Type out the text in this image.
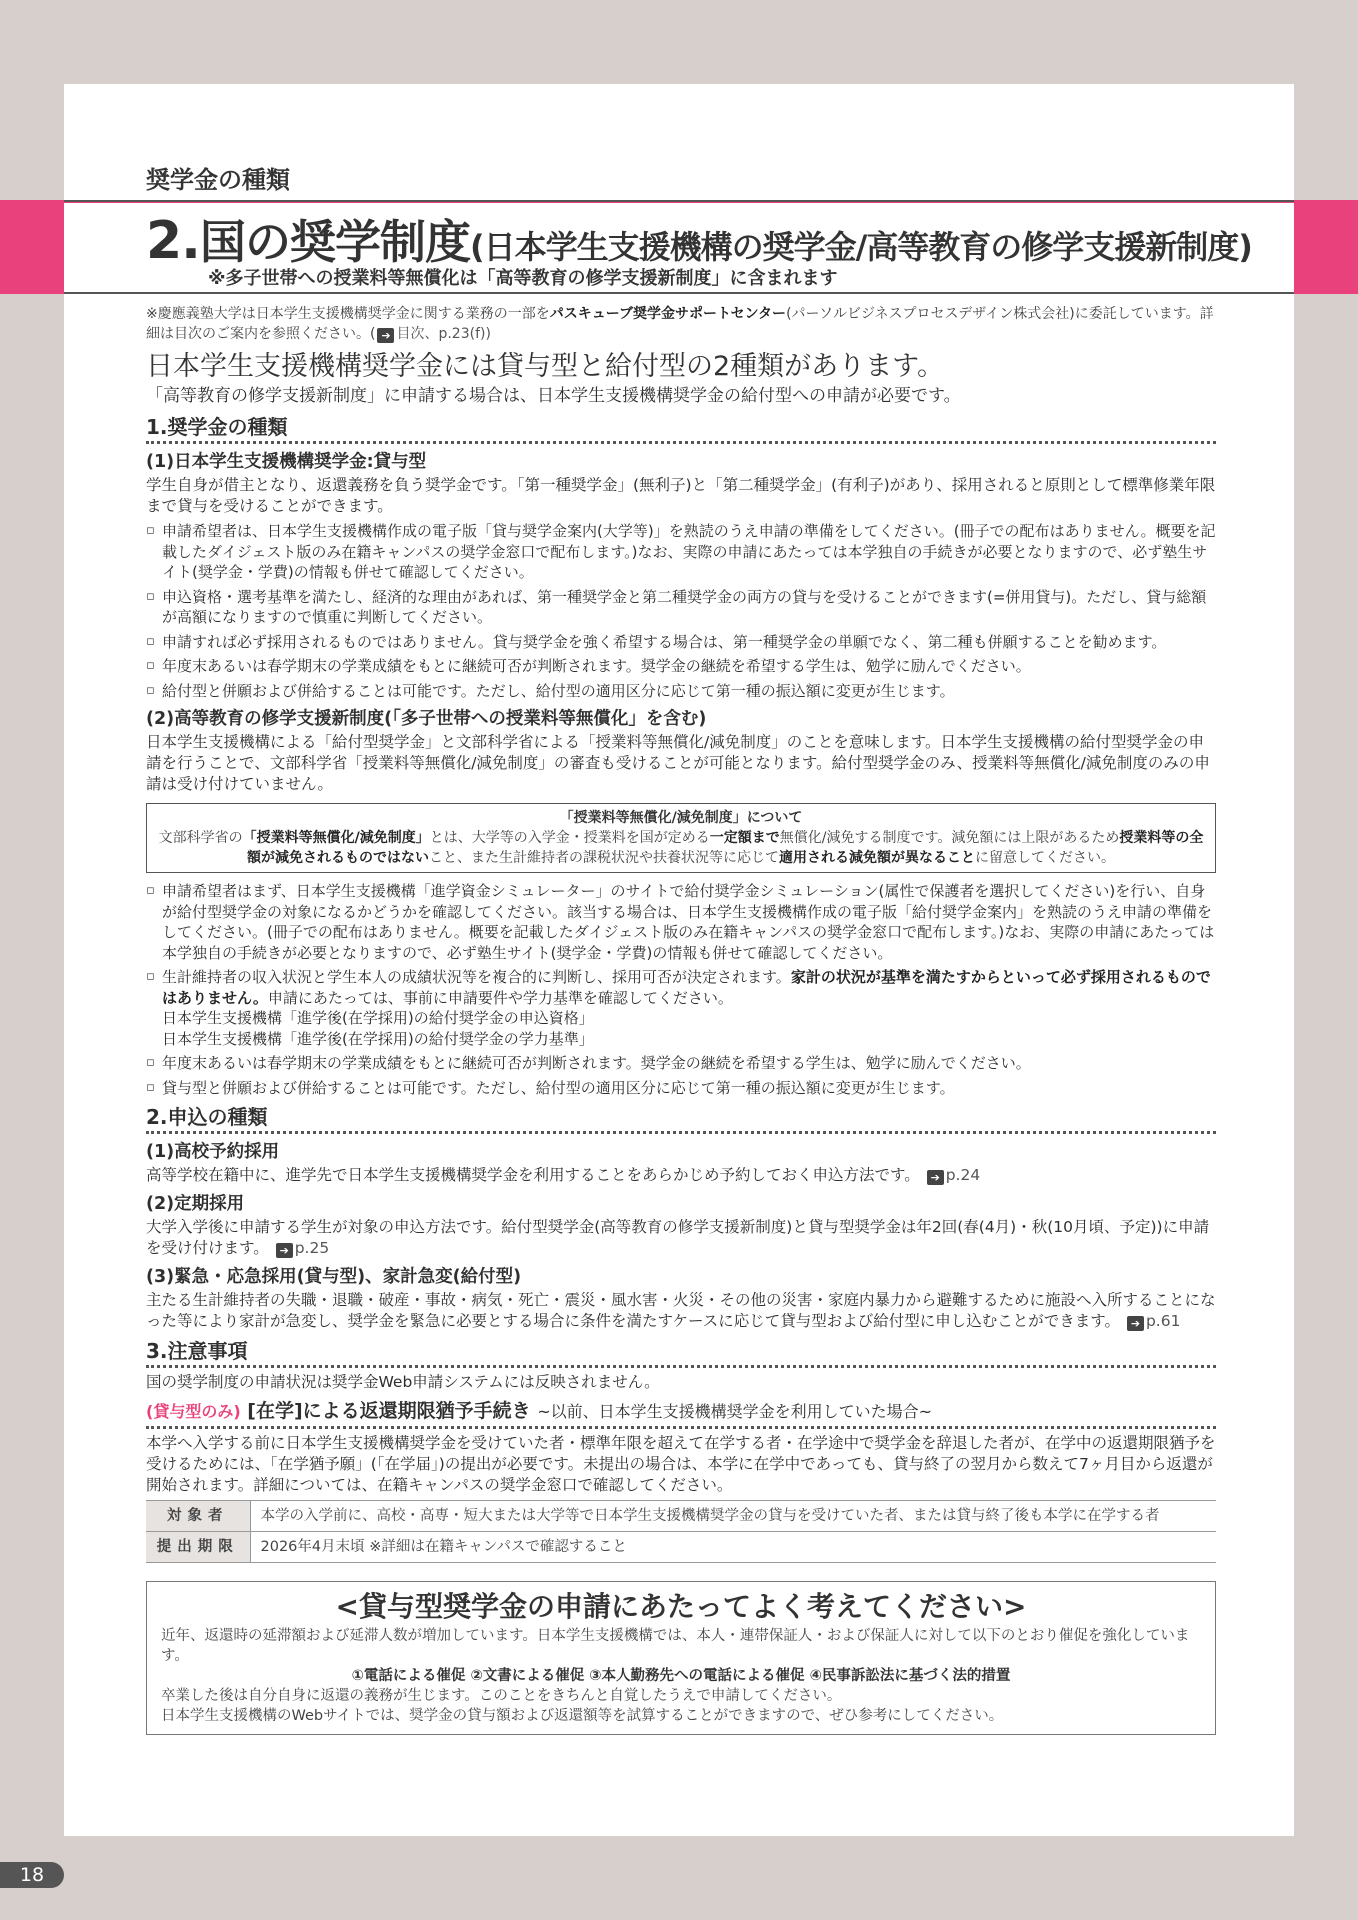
奨学金の種類
2.国の奨学制度(日本学生支援機構の奨学金/高等教育の修学支援新制度)
※多子世帯への授業料等無償化は「高等教育の修学支援新制度」に含まれます
※慶應義塾大学は日本学生支援機構奨学金に関する業務の一部をパスキューブ奨学金サポートセンター(パーソルビジネスプロセスデザイン株式会社)に委託しています。詳細は目次のご案内を参照ください。( ➔ 目次、p.23(f))
日本学生支援機構奨学金には貸与型と給付型の2種類があります。
「高等教育の修学支援新制度」に申請する場合は、日本学生支援機構奨学金の給付型への申請が必要です。
1.奨学金の種類
(1)日本学生支援機構奨学金:貸与型
学生自身が借主となり、返還義務を負う奨学金です。「第一種奨学金」(無利子)と「第二種奨学金」(有利子)があり、採用されると原則として標準修業年限まで貸与を受けることができます。
▫ 申請希望者は、日本学生支援機構作成の電子版「貸与奨学金案内(大学等)」を熟読のうえ申請の準備をしてください。(冊子での配布はありません。概要を記載したダイジェスト版のみ在籍キャンパスの奨学金窓口で配布します。)なお、実際の申請にあたっては本学独自の手続きが必要となりますので、必ず塾生サイト(奨学金・学費)の情報も併せて確認してください。
▫ 申込資格・選考基準を満たし、経済的な理由があれば、第一種奨学金と第二種奨学金の両方の貸与を受けることができます(=併用貸与)。ただし、貸与総額が高額になりますので慎重に判断してください。
▫ 申請すれば必ず採用されるものではありません。貸与奨学金を強く希望する場合は、第一種奨学金の単願でなく、第二種も併願することを勧めます。
▫ 年度末あるいは春学期末の学業成績をもとに継続可否が判断されます。奨学金の継続を希望する学生は、勉学に励んでください。
▫ 給付型と併願および併給することは可能です。ただし、給付型の適用区分に応じて第一種の振込額に変更が生じます。
(2)高等教育の修学支援新制度(「多子世帯への授業料等無償化」を含む)
日本学生支援機構による「給付型奨学金」と文部科学省による「授業料等無償化/減免制度」のことを意味します。日本学生支援機構の給付型奨学金の申請を行うことで、文部科学省「授業料等無償化/減免制度」の審査も受けることが可能となります。給付型奨学金のみ、授業料等無償化/減免制度のみの申請は受け付けていません。
「授業料等無償化/減免制度」について
文部科学省の「授業料等無償化/減免制度」とは、大学等の入学金・授業料を国が定める一定額まで無償化/減免する制度です。減免額には上限があるため授業料等の全額が減免されるものではないこと、また生計維持者の課税状況や扶養状況等に応じて適用される減免額が異なることに留意してください。
▫ 申請希望者はまず、日本学生支援機構「進学資金シミュレーター」のサイトで給付奨学金シミュレーション(属性で保護者を選択してください)を行い、自身が給付型奨学金の対象になるかどうかを確認してください。該当する場合は、日本学生支援機構作成の電子版「給付奨学金案内」を熟読のうえ申請の準備をしてください。(冊子での配布はありません。概要を記載したダイジェスト版のみ在籍キャンパスの奨学金窓口で配布します。)なお、実際の申請にあたっては本学独自の手続きが必要となりますので、必ず塾生サイト(奨学金・学費)の情報も併せて確認してください。
▫ 生計維持者の収入状況と学生本人の成績状況等を複合的に判断し、採用可否が決定されます。家計の状況が基準を満たすからといって必ず採用されるものではありません。申請にあたっては、事前に申請要件や学力基準を確認してください。
日本学生支援機構「進学後(在学採用)の給付奨学金の申込資格」
日本学生支援機構「進学後(在学採用)の給付奨学金の学力基準」
▫ 年度末あるいは春学期末の学業成績をもとに継続可否が判断されます。奨学金の継続を希望する学生は、勉学に励んでください。
▫ 貸与型と併願および併給することは可能です。ただし、給付型の適用区分に応じて第一種の振込額に変更が生じます。
2.申込の種類
(1)高校予約採用
高等学校在籍中に、進学先で日本学生支援機構奨学金を利用することをあらかじめ予約しておく申込方法です。 ➔ p.24
(2)定期採用
大学入学後に申請する学生が対象の申込方法です。給付型奨学金(高等教育の修学支援新制度)と貸与型奨学金は年2回(春(4月)・秋(10月頃、予定))に申請を受け付けます。 ➔ p.25
(3)緊急・応急採用(貸与型)、家計急変(給付型)
主たる生計維持者の失職・退職・破産・事故・病気・死亡・震災・風水害・火災・その他の災害・家庭内暴力から避難するために施設へ入所することになった等により家計が急変し、奨学金を緊急に必要とする場合に条件を満たすケースに応じて貸与型および給付型に申し込むことができます。 ➔ p.61
3.注意事項
国の奨学制度の申請状況は奨学金Web申請システムには反映されません。
(貸与型のみ) [在学]による返還期限猶予手続き ~以前、日本学生支援機構奨学金を利用していた場合~
本学へ入学する前に日本学生支援機構奨学金を受けていた者・標準年限を超えて在学する者・在学途中で奨学金を辞退した者が、在学中の返還期限猶予を受けるためには、「在学猶予願」(「在学届」)の提出が必要です。未提出の場合は、本学に在学中であっても、貸与終了の翌月から数えて7ヶ月目から返還が開始されます。詳細については、在籍キャンパスの奨学金窓口で確認してください。
対象者	本学の入学前に、高校・高専・短大または大学等で日本学生支援機構奨学金の貸与を受けていた者、または貸与終了後も本学に在学する者
提出期限	2026年4月末頃 ※詳細は在籍キャンパスで確認すること
<貸与型奨学金の申請にあたってよく考えてください>

近年、返還時の延滞額および延滞人数が増加しています。日本学生支援機構では、本人・連帯保証人・および保証人に対して以下のとおり催促を強化しています。

①電話による催促 ②文書による催促 ③本人勤務先への電話による催促 ④民事訴訟法に基づく法的措置

卒業した後は自分自身に返還の義務が生じます。このことをきちんと自覚したうえで申請してください。

日本学生支援機構のWebサイトでは、奨学金の貸与額および返還額等を試算することができますので、ぜひ参考にしてください。

18
